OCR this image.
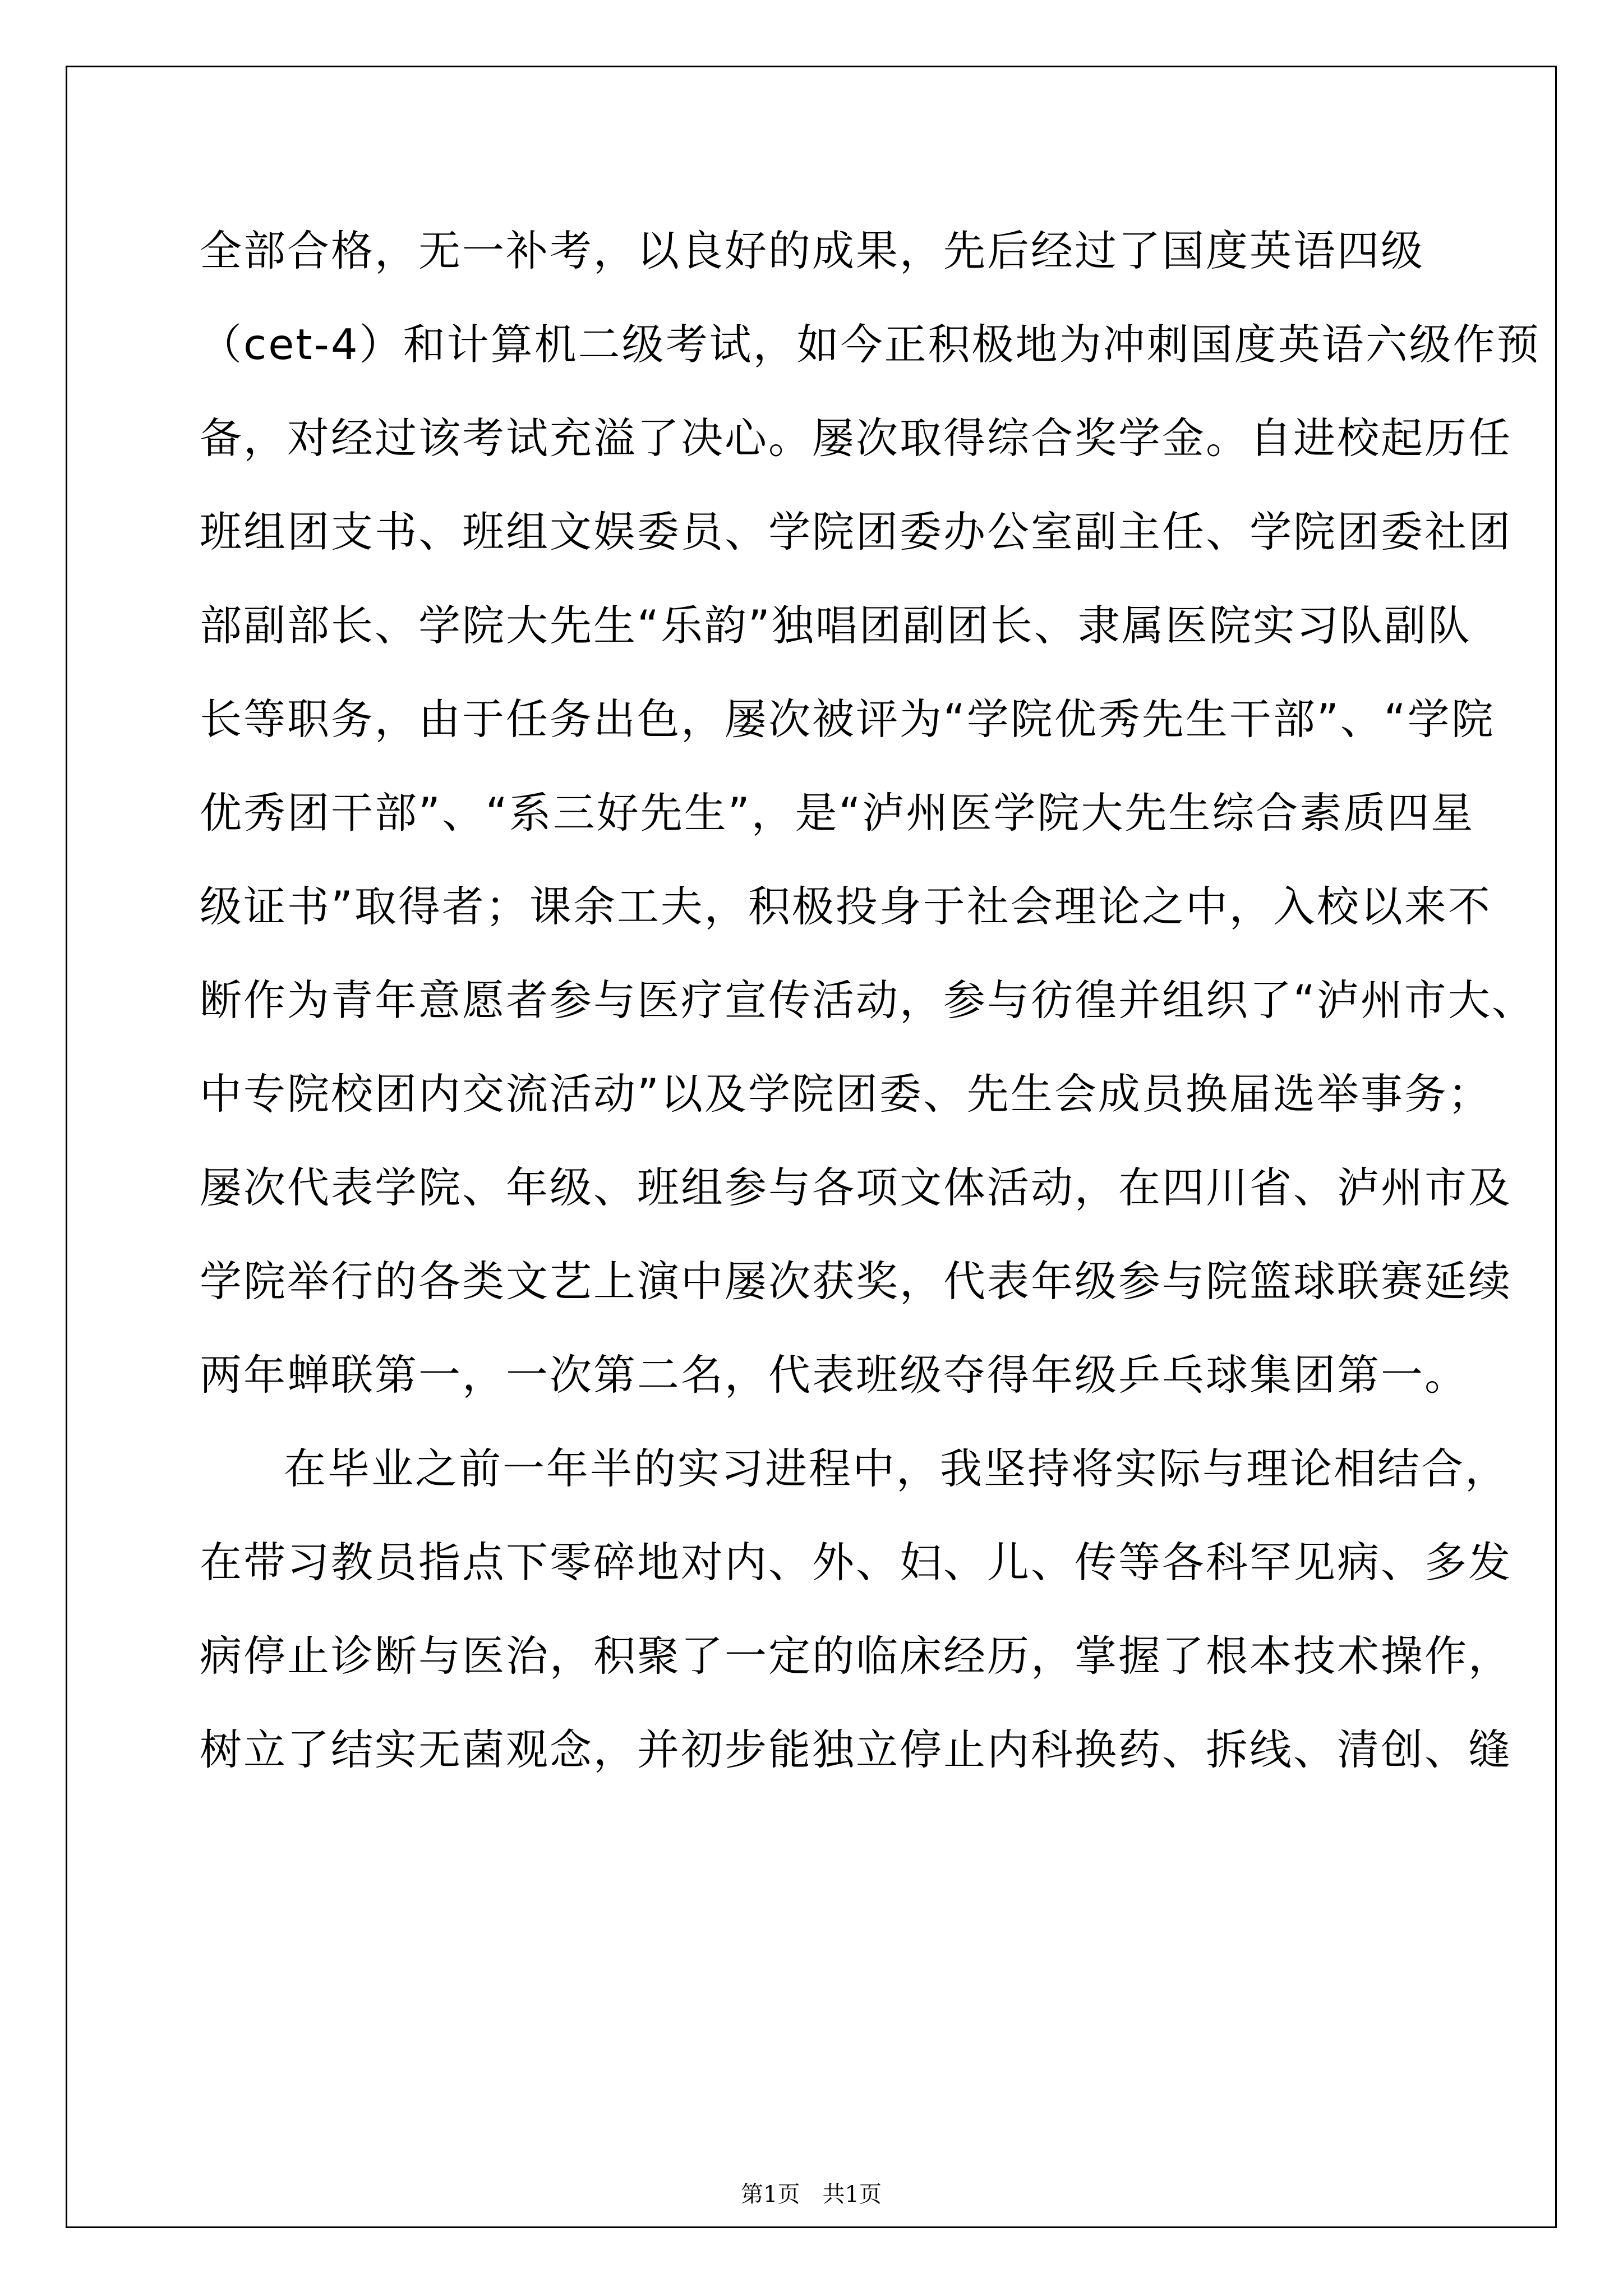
全部合格，无一补考，以良好的成果，先后经过了国度英语四级
（cet-4）和计算机二级考试，如今正积极地为冲刺国度英语六级作预
备，对经过该考试充溢了决心。屡次取得综合奖学金。自进校起历任
班组团支书、班组文娱委员、学院团委办公室副主任、学院团委社团
部副部长、学院大先生“乐韵”独唱团副团长、隶属医院实习队副队
长等职务，由于任务出色，屡次被评为“学院优秀先生干部”、“学院
优秀团干部”、“系三好先生”，是“泸州医学院大先生综合素质四星
级证书”取得者；课余工夫，积极投身于社会理论之中，入校以来不
断作为青年意愿者参与医疗宣传活动，参与彷徨并组织了“泸州市大、
中专院校团内交流活动”以及学院团委、先生会成员换届选举事务；
屡次代表学院、年级、班组参与各项文体活动，在四川省、泸州市及
学院举行的各类文艺上演中屡次获奖，代表年级参与院篮球联赛延续
两年蝉联第一，一次第二名，代表班级夺得年级乒乓球集团第一。
在毕业之前一年半的实习进程中，我坚持将实际与理论相结合，
在带习教员指点下零碎地对内、外、妇、儿、传等各科罕见病、多发
病停止诊断与医治，积聚了一定的临床经历，掌握了根本技术操作，
树立了结实无菌观念，并初步能独立停止内科换药、拆线、清创、缝
第1页　共1页
